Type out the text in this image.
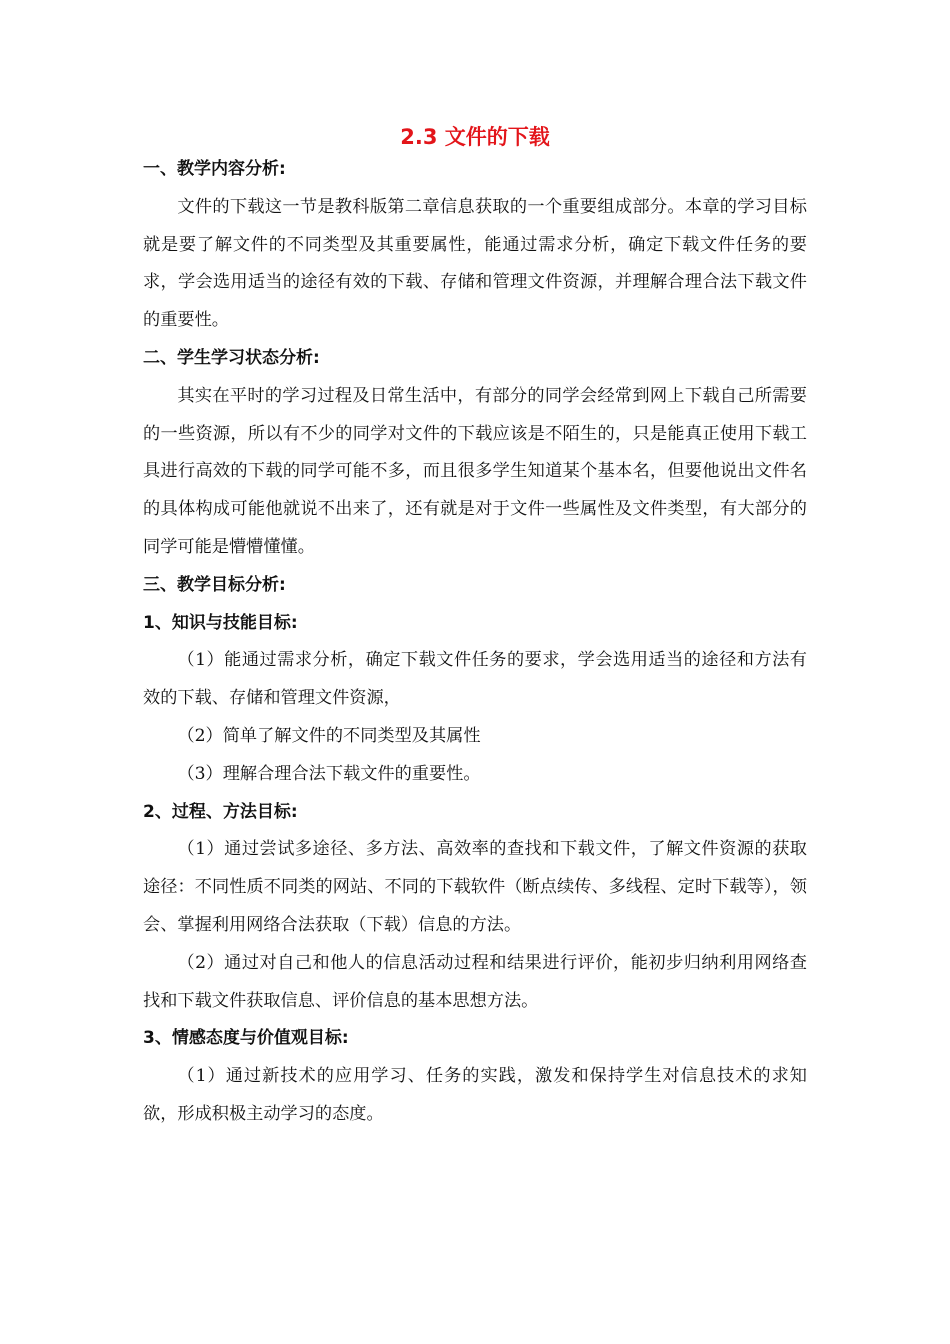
2.3 文件的下载

一、教学内容分析:

文件的下载这一节是教科版第二章信息获取的一个重要组成部分。本章的学习目标就是要了解文件的不同类型及其重要属性，能通过需求分析，确定下载文件任务的要求，学会选用适当的途径有效的下载、存储和管理文件资源，并理解合理合法下载文件的重要性。

二、学生学习状态分析:

其实在平时的学习过程及日常生活中，有部分的同学会经常到网上下载自己所需要的一些资源，所以有不少的同学对文件的下载应该是不陌生的，只是能真正使用下载工具进行高效的下载的同学可能不多，而且很多学生知道某个基本名，但要他说出文件名的具体构成可能他就说不出来了，还有就是对于文件一些属性及文件类型，有大部分的同学可能是懵懵懂懂。

三、教学目标分析:

1、知识与技能目标:

（1）能通过需求分析，确定下载文件任务的要求，学会选用适当的途径和方法有效的下载、存储和管理文件资源，

（2）简单了解文件的不同类型及其属性

（3）理解合理合法下载文件的重要性。

2、过程、方法目标:

（1）通过尝试多途径、多方法、高效率的查找和下载文件，了解文件资源的获取途径：不同性质不同类的网站、不同的下载软件（断点续传、多线程、定时下载等），领会、掌握利用网络合法获取（下载）信息的方法。

（2）通过对自己和他人的信息活动过程和结果进行评价，能初步归纳利用网络查找和下载文件获取信息、评价信息的基本思想方法。

3、情感态度与价值观目标:

（1）通过新技术的应用学习、任务的实践，激发和保持学生对信息技术的求知欲，形成积极主动学习的态度。
